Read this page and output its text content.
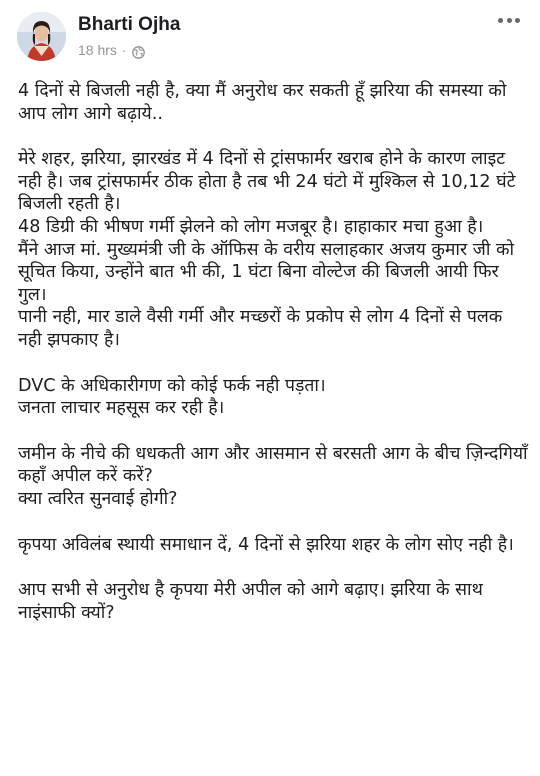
Bharti Ojha
18 hrs ·

4 दिनों से बिजली नही है, क्या मैं अनुरोध कर सकती हूँ झरिया की समस्या को आप लोग आगे बढ़ाये..

मेरे शहर, झरिया, झारखंड में 4 दिनों से ट्रांसफार्मर खराब होने के कारण लाइट नही है। जब ट्रांसफार्मर ठीक होता है तब भी 24 घंटो में मुश्किल से 10,12 घंटे बिजली रहती है।

48 डिग्री की भीषण गर्मी झेलने को लोग मजबूर है। हाहाकार मचा हुआ है।

मैंने आज मां. मुख्यमंत्री जी के ऑफिस के वरीय सलाहकार अजय कुमार जी को सूचित किया, उन्होंने बात भी की, 1 घंटा बिना वोल्टेज की बिजली आयी फिर गुल।

पानी नही, मार डाले वैसी गर्मी और मच्छरों के प्रकोप से लोग 4 दिनों से पलक नही झपकाए है।

DVC के अधिकारीगण को कोई फर्क नही पड़ता।

जनता लाचार महसूस कर रही है।

जमीन के नीचे की धधकती आग और आसमान से बरसती आग के बीच ज़िन्दगियाँ कहाँ अपील करें करें?

क्या त्वरित सुनवाई होगी?

कृपया अविलंब स्थायी समाधान दें, 4 दिनों से झरिया शहर के लोग सोए नही है।

आप सभी से अनुरोध है कृपया मेरी अपील को आगे बढ़ाए। झरिया के साथ नाइंसाफी क्यों?
